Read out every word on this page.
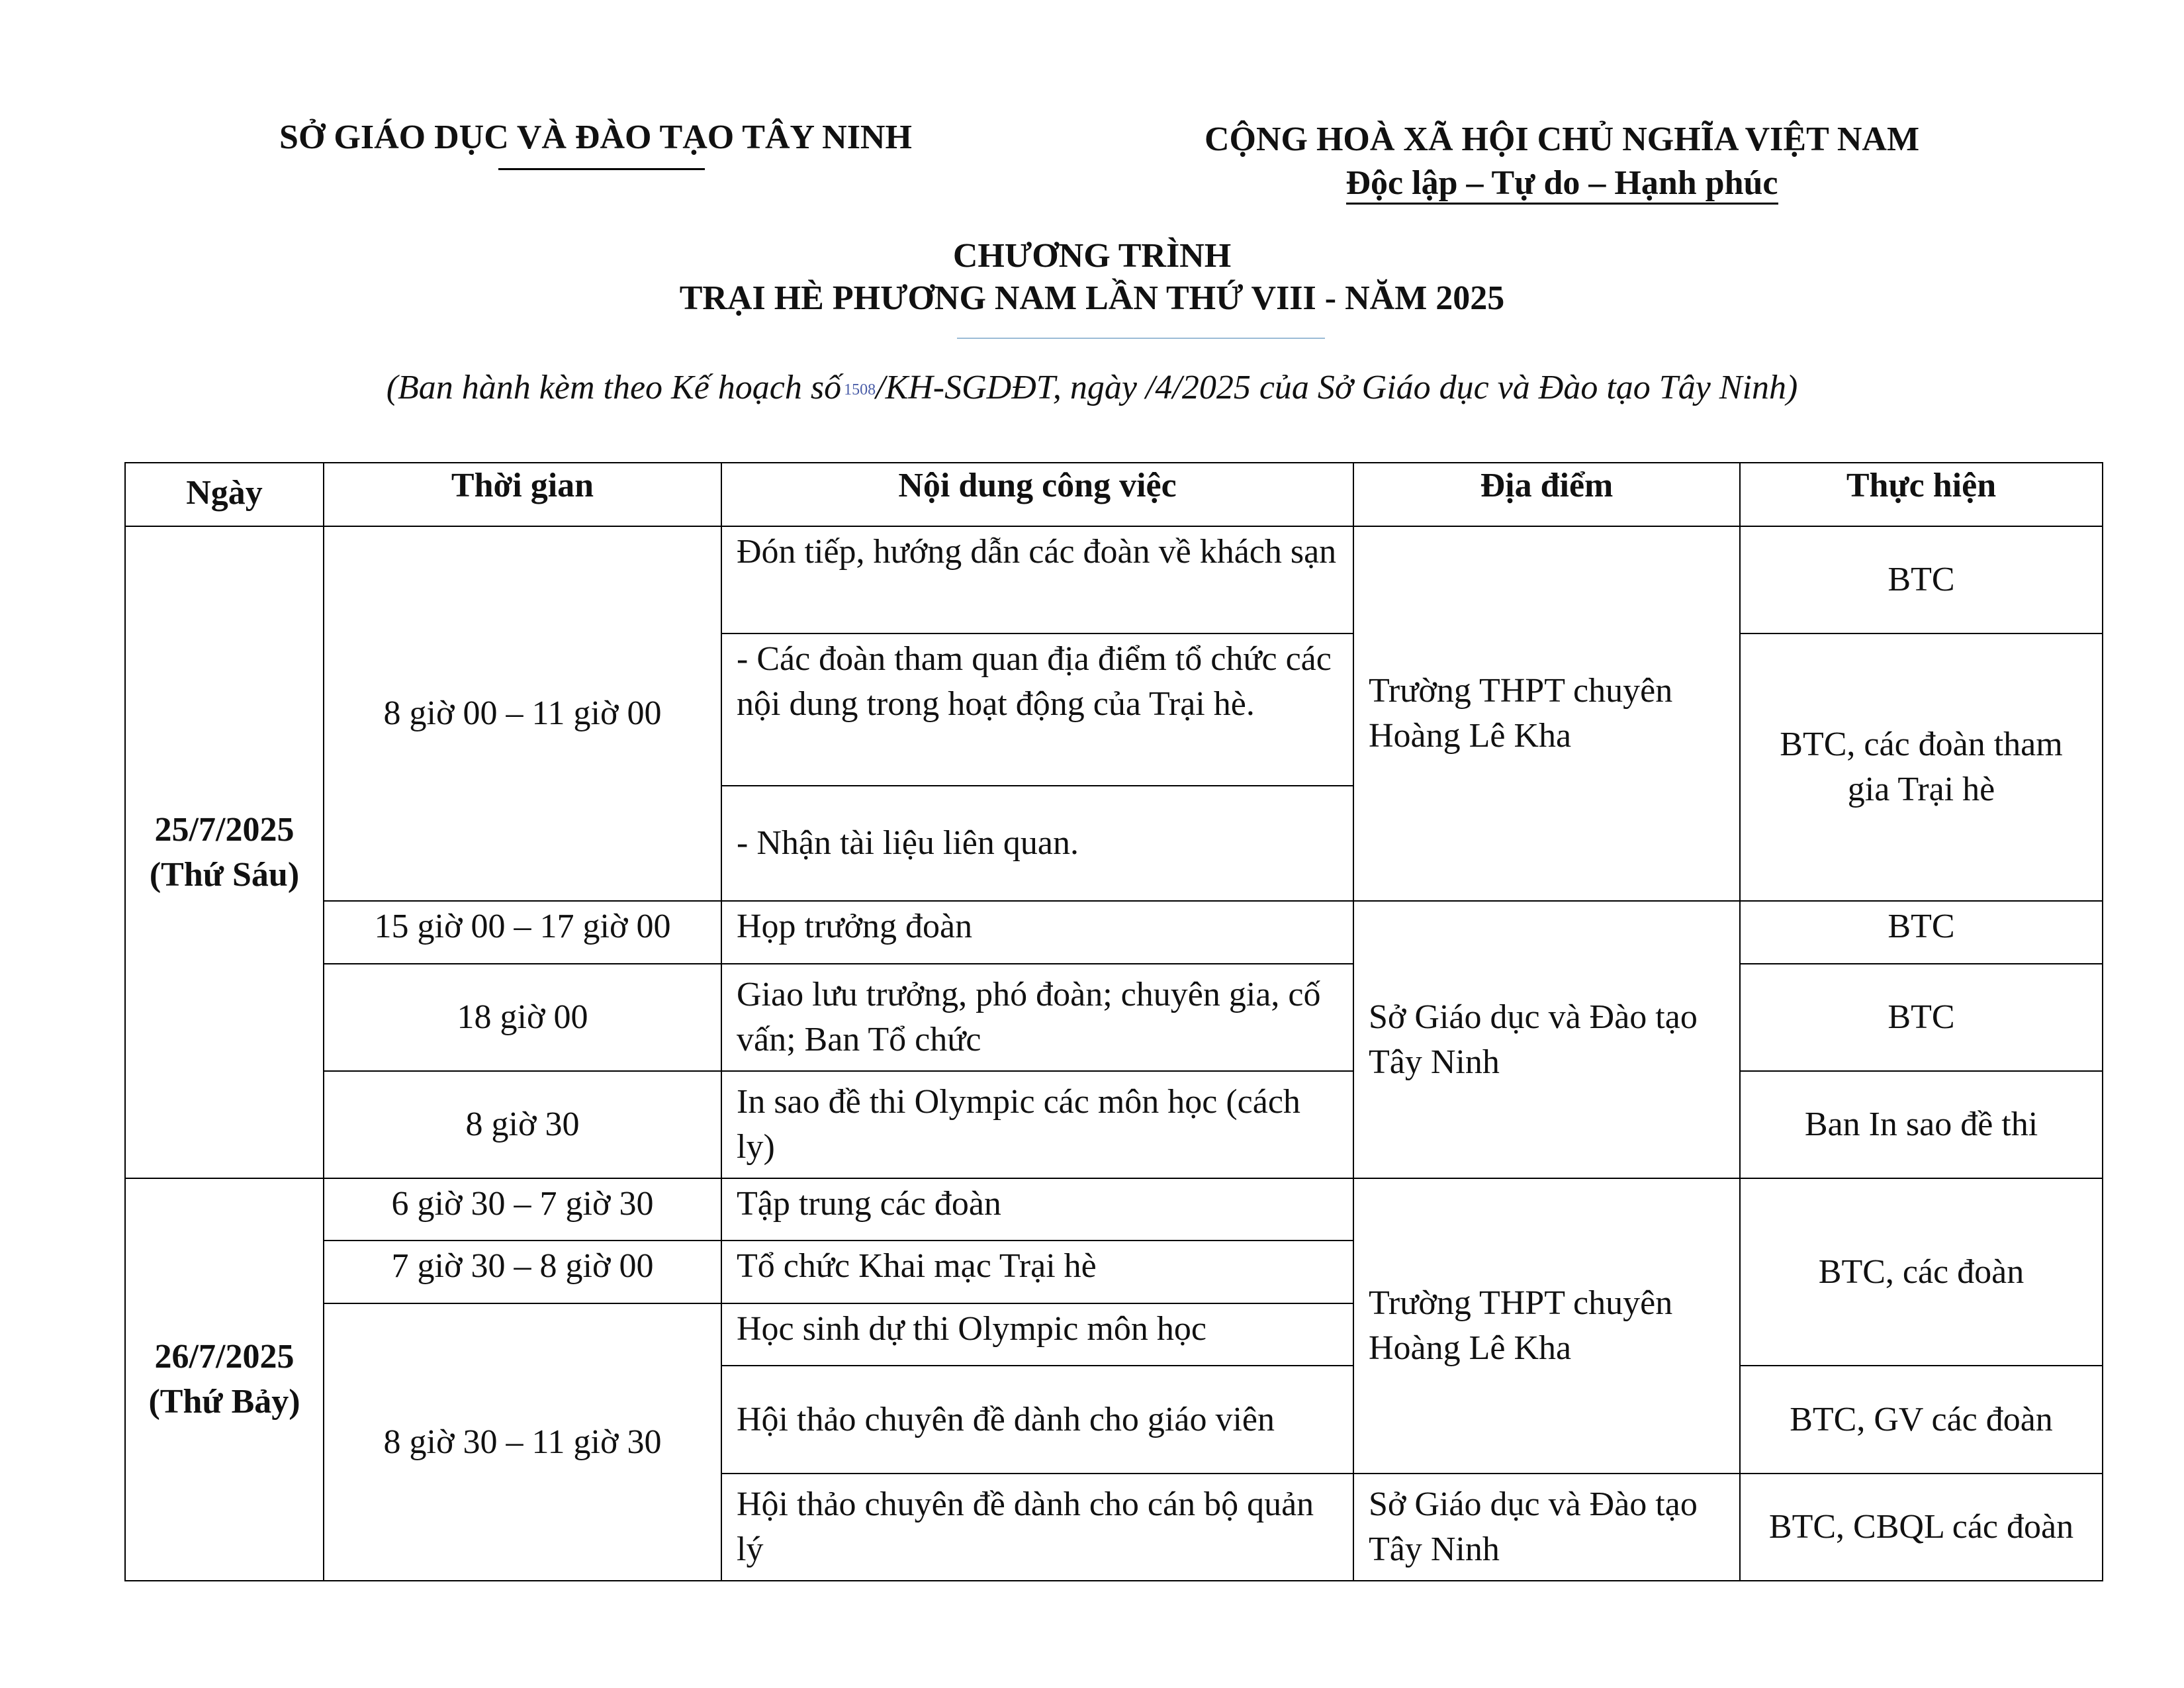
SỞ GIÁO DỤC VÀ ĐÀO TẠO TÂY NINH	CỘNG HOÀ XÃ HỘI CHỦ NGHĨA VIỆT NAM
Độc lập – Tự do – Hạnh phúc
CHƯƠNG TRÌNH
TRẠI HÈ PHƯƠNG NAM LẦN THỨ VIII - NĂM 2025
(Ban hành kèm theo Kế hoạch số 1508/KH-SGDĐT, ngày /4/2025 của Sở Giáo dục và Đào tạo Tây Ninh)
Ngày	Thời gian	Nội dung công việc	Địa điểm	Thực hiện

25/7/2025
(Thứ Sáu)	8 giờ 00 – 11 giờ 00	Đón tiếp, hướng dẫn các đoàn về khách sạn	Trường THPT chuyên Hoàng Lê Kha	BTC
		- Các đoàn tham quan địa điểm tổ chức các nội dung trong hoạt động của Trại hè.		BTC, các đoàn tham gia Trại hè
		- Nhận tài liệu liên quan.		
	15 giờ 00 – 17 giờ 00	Họp trưởng đoàn	Sở Giáo dục và Đào tạo Tây Ninh	BTC
	18 giờ 00	Giao lưu trưởng, phó đoàn; chuyên gia, cố vấn; Ban Tổ chức		BTC
	8 giờ 30	In sao đề thi Olympic các môn học (cách ly)		Ban In sao đề thi

26/7/2025
(Thứ Bảy)	6 giờ 30 – 7 giờ 30	Tập trung các đoàn	Trường THPT chuyên Hoàng Lê Kha	BTC, các đoàn
	7 giờ 30 – 8 giờ 00	Tổ chức Khai mạc Trại hè		
	8 giờ 30 – 11 giờ 30	Học sinh dự thi Olympic môn học		
		Hội thảo chuyên đề dành cho giáo viên		BTC, GV các đoàn
		Hội thảo chuyên đề dành cho cán bộ quản lý	Sở Giáo dục và Đào tạo Tây Ninh	BTC, CBQL các đoàn
